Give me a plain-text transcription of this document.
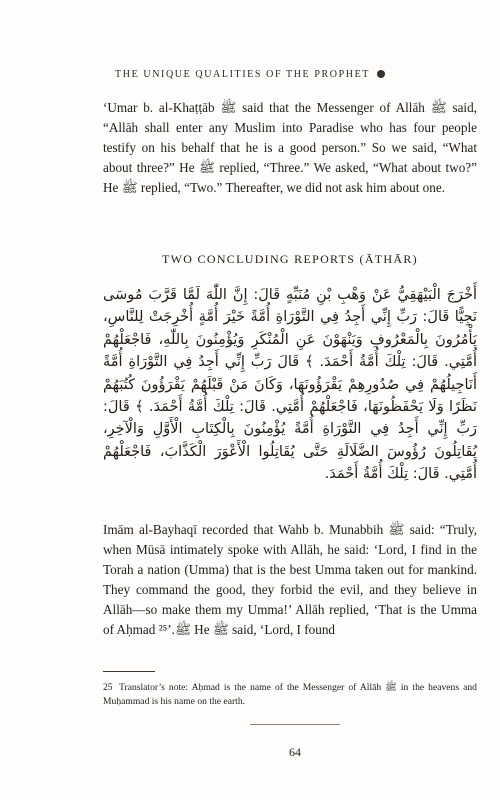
THE UNIQUE QUALITIES OF THE PROPHET

‘Umar b. al-Khaṭṭāb ﷺ said that the Messenger of Allāh ﷺ said, “Allāh shall enter any Muslim into Paradise who has four people testify on his behalf that he is a good person.” So we said, “What about three?” He ﷺ replied, “Three.” We asked, “What about two?” He ﷺ replied, “Two.” Thereafter, we did not ask him about one.

TWO CONCLUDING REPORTS (ĀTHĀR)

أَخْرَجَ الْبَيْهَقِيُّ عَنْ وَهْبِ بْنِ مُنَبِّهٍ قَالَ: إِنَّ اللّٰهَ لَمَّا قَرَّبَ مُوسَى نَجِيًّا قَالَ: رَبِّ إِنِّي أَجِدُ فِي التَّوْرَاةِ أُمَّةً خَيْرَ أُمَّةٍ أُخْرِجَتْ لِلنَّاسِ، يَأْمُرُونَ بِالْمَعْرُوفِ وَيَنْهَوْنَ عَنِ الْمُنْكَرِ وَيُؤْمِنُونَ بِاللّٰهِ، فَاجْعَلْهُمْ أُمَّتِي. قَالَ: تِلْكَ أُمَّةُ أَحْمَدَ. ﴾ قَالَ رَبِّ إِنِّي أَجِدُ فِي التَّوْرَاةِ أُمَّةً أَنَاجِيلُهُمْ فِي صُدُورِهِمْ يَقْرَؤُونَهَا، وَكَانَ مَنْ قَبْلَهُمْ يَقْرَؤُونَ كُتُبَهُمْ نَظَرًا وَلَا يَحْفَظُونَهَا، فَاجْعَلْهُمْ أُمَّتِي. قَالَ: تِلْكَ أُمَّةُ أَحْمَدَ. ﴾ قَالَ: رَبِّ إِنِّي أَجِدُ فِي التَّوْرَاةِ أُمَّةً يُؤْمِنُونَ بِالْكِتَابِ الْأَوَّلِ وَالْآخِرِ، يُقَاتِلُونَ رُؤُوسَ الضَّلَالَةِ حَتَّى يُقَاتِلُوا الْأَعْوَرَ الْكَذَّابَ، فَاجْعَلْهُمْ أُمَّتِي. قَالَ: تِلْكَ أُمَّةُ أَحْمَدَ.

Imām al-Bayhaqī recorded that Wahb b. Munabbih ﷺ said: “Truly, when Mūsā intimately spoke with Allāh, he said: ‘Lord, I find in the Torah a nation (Umma) that is the best Umma taken out for mankind. They command the good, they forbid the evil, and they believe in Allāh—so make them my Umma!’ Allāh replied, ‘That is the Umma of Aḥmad ﷺ.’²⁵ He ﷺ said, ‘Lord, I found

25 Translator’s note: Aḥmad is the name of the Messenger of Allāh ﷺ in the heavens and Muḥammad is his name on the earth.

64
